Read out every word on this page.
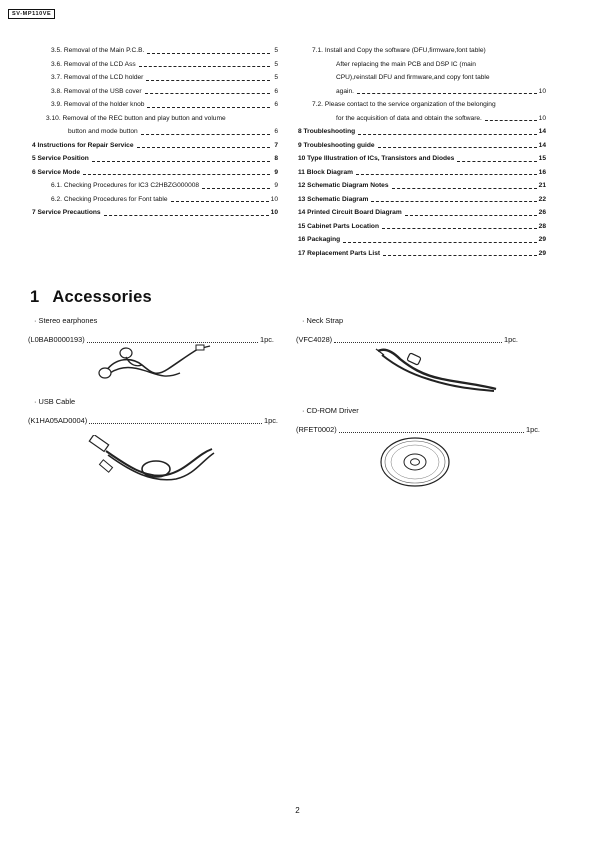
SV-MP110VE
3.5. Removal of the Main P.C.B.	5
3.6. Removal of the LCD Ass	5
3.7. Removal of the LCD holder	5
3.8. Removal of the USB cover	6
3.9. Removal of the holder knob	6
3.10. Removal of the REC button and play button and volume
button and mode button	6
4 Instructions for Repair Service	7
5 Service Position	8
6 Service Mode	9
6.1. Checking Procedures for IC3 C2HBZG000008	9
6.2. Checking Procedures for Font table	10
7 Service Precautions	10
7.1. Install and Copy the software (DFU,firmware,font table)
After replacing the main PCB and DSP IC (main
CPU),reinstall DFU and firmware,and copy font table
again.	10
7.2. Please contact to the service organization of the belonging
for the acquisition of data and obtain the software.	10
8 Troubleshooting	14
9 Troubleshooting guide	14
10 Type Illustration of ICs, Transistors and Diodes	15
11 Block Diagram	16
12 Schematic Diagram Notes	21
13 Schematic Diagram	22
14 Printed Circuit Board Diagram	26
15 Cabinet Parts Location	28
16 Packaging	29
17 Replacement Parts List	29
1 Accessories
· Stereo earphones
(L0BAB0000193)	1pc.
· Neck Strap
(VFC4028)	1pc.
· USB Cable
(K1HA05AD0004)	1pc.
· CD-ROM Driver
(RFET0002)	1pc.
2
